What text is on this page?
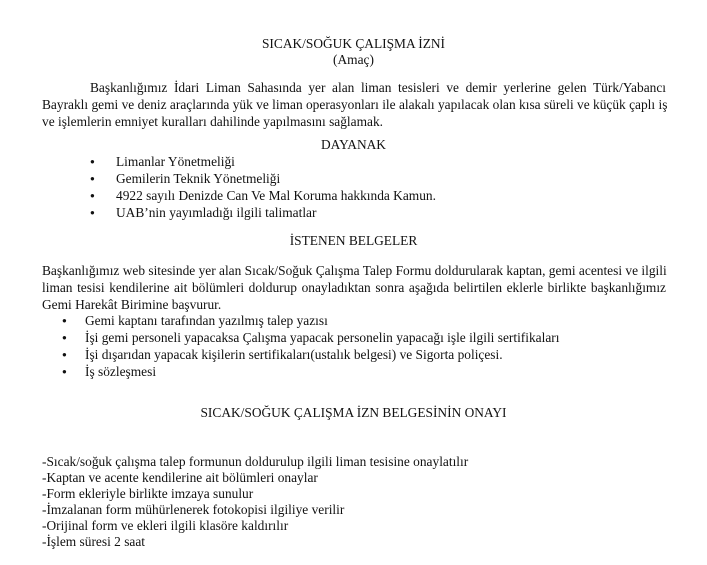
SICAK/SOĞUK ÇALIŞMA İZNİ
(Amaç)
Başkanlığımız İdari Liman Sahasında yer alan liman tesisleri ve demir yerlerine gelen Türk/Yabancı
Bayraklı gemi ve deniz araçlarında yük ve liman operasyonları ile alakalı yapılacak olan kısa süreli ve küçük çaplı iş
ve işlemlerin emniyet kuralları dahilinde yapılmasını sağlamak.
DAYANAK
● Limanlar Yönetmeliği
● Gemilerin Teknik Yönetmeliği
● 4922 sayılı Denizde Can Ve Mal Koruma hakkında Kamun.
● UAB’nin yayımladığı ilgili talimatlar
İSTENEN BELGELER
Başkanlığımız web sitesinde yer alan Sıcak/Soğuk Çalışma Talep Formu doldurularak kaptan, gemi acentesi ve ilgili
liman tesisi kendilerine ait bölümleri doldurup onayladıktan sonra aşağıda belirtilen eklerle birlikte başkanlığımız
Gemi Harekât Birimine başvurur.
● Gemi kaptanı tarafından yazılmış talep yazısı
● İşi gemi personeli yapacaksa Çalışma yapacak personelin yapacağı işle ilgili sertifikaları
● İşi dışarıdan yapacak kişilerin sertifikaları(ustalık belgesi) ve Sigorta poliçesi.
● İş sözleşmesi
SICAK/SOĞUK ÇALIŞMA İZN BELGESİNİN ONAYI
-Sıcak/soğuk çalışma talep formunun doldurulup ilgili liman tesisine onaylatılır
-Kaptan ve acente kendilerine ait bölümleri onaylar
-Form ekleriyle birlikte imzaya sunulur
-İmzalanan form mühürlenerek fotokopisi ilgiliye verilir
-Orijinal form ve ekleri ilgili klasöre kaldırılır
-İşlem süresi 2 saat
